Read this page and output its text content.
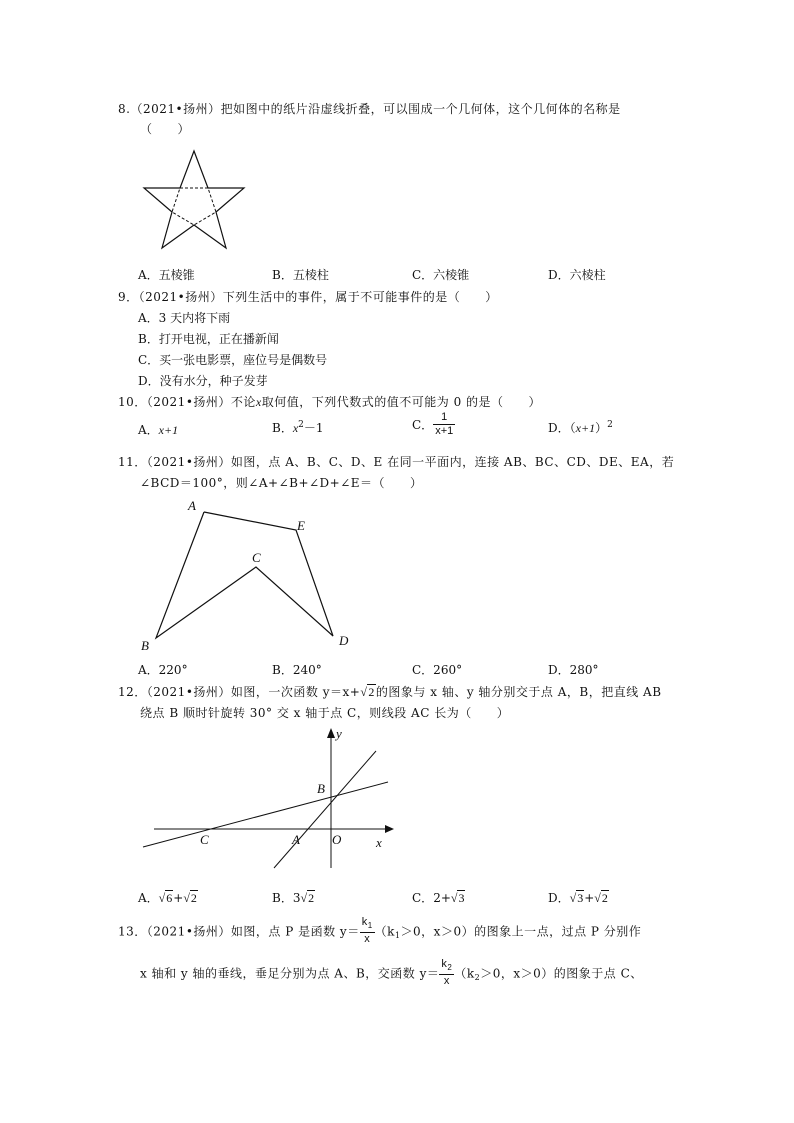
8.（2021•扬州）把如图中的纸片沿虚线折叠，可以围成一个几何体，这个几何体的名称是
（　　）
A．五棱锥	B．五棱柱	C．六棱锥	D．六棱柱
9．（2021•扬州）下列生活中的事件，属于不可能事件的是（　　）
A．3 天内将下雨
B．打开电视，正在播新闻
C．买一张电影票，座位号是偶数号
D．没有水分，种子发芽
10．（2021•扬州）不论x取何值，下列代数式的值不可能为 0 的是（　　）
A．x+1	B．$x^2-1$	C． $\frac{1}{x+1}$	D．$(x+1)^2$
11．（2021•扬州）如图，点 A、B、C、D、E 在同一平面内，连接 AB、BC、CD、DE、EA，若
∠BCD＝100°，则∠A+∠B+∠D+∠E＝（　　）
A
B
C
D
E
A．220°	B．240°	C．260°	D．280°
12．（2021•扬州）如图，一次函数 y＝x+√2的图象与 x 轴、y 轴分别交于点 A，B，把直线 AB
绕点 B 顺时针旋转 30° 交 x 轴于点 C，则线段 AC 长为（　　）
y
B
C	A O	x
A．√6+√2	B．3√2	C．2+√3	D．√3+√2
13．（2021•扬州）如图，点 P 是函数 $y= \frac{k_1}{x} (k_1>0$，x＞0）的图象上一点，过点 P 分别作
x 轴和 y 轴的垂线，垂足分别为点 A、B，交函数 $y= \frac{k_2}{x} (k_2>0$，x＞0）的图象于点 C、
